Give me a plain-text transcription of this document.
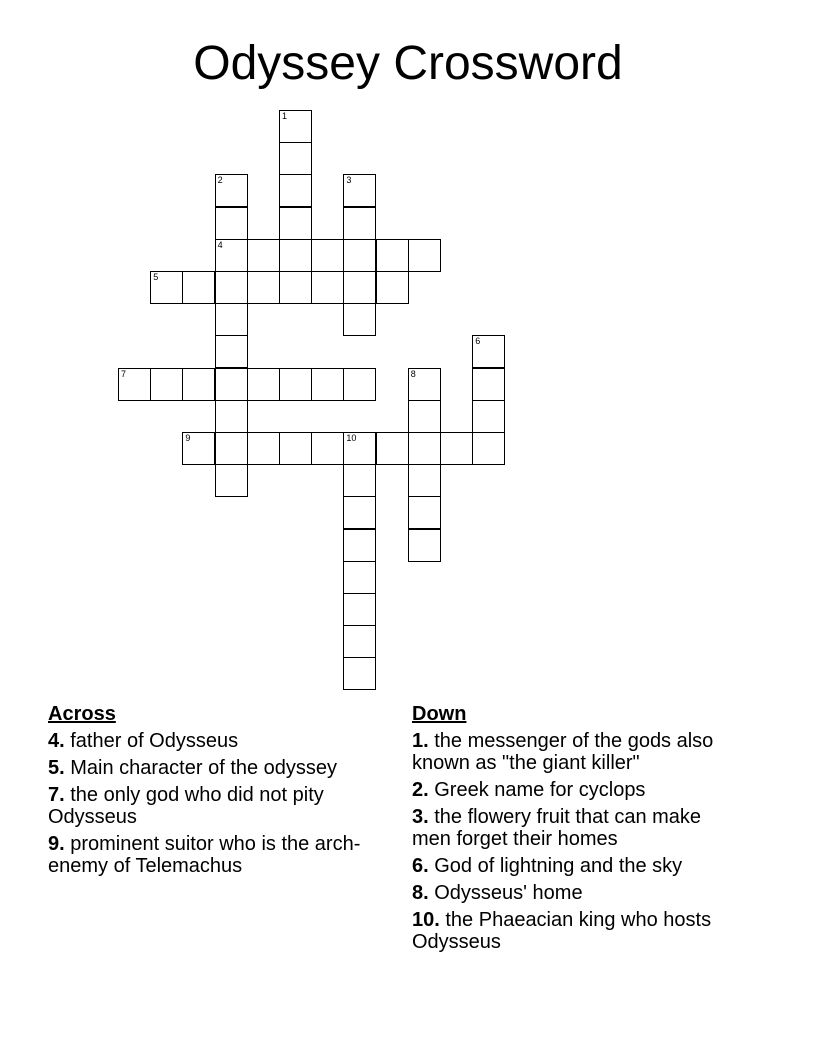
Odyssey Crossword
1
2
4
3
5
6
7	8
9	10
Across
4. father of Odysseus
5. Main character of the odyssey
7. the only god who did not pity Odysseus
9. prominent suitor who is the arch-enemy of Telemachus
Down
1. the messenger of the gods also known as "the giant killer"
2. Greek name for cyclops
3. the flowery fruit that can make men forget their homes
6. God of lightning and the sky
8. Odysseus' home
10. the Phaeacian king who hosts Odysseus
